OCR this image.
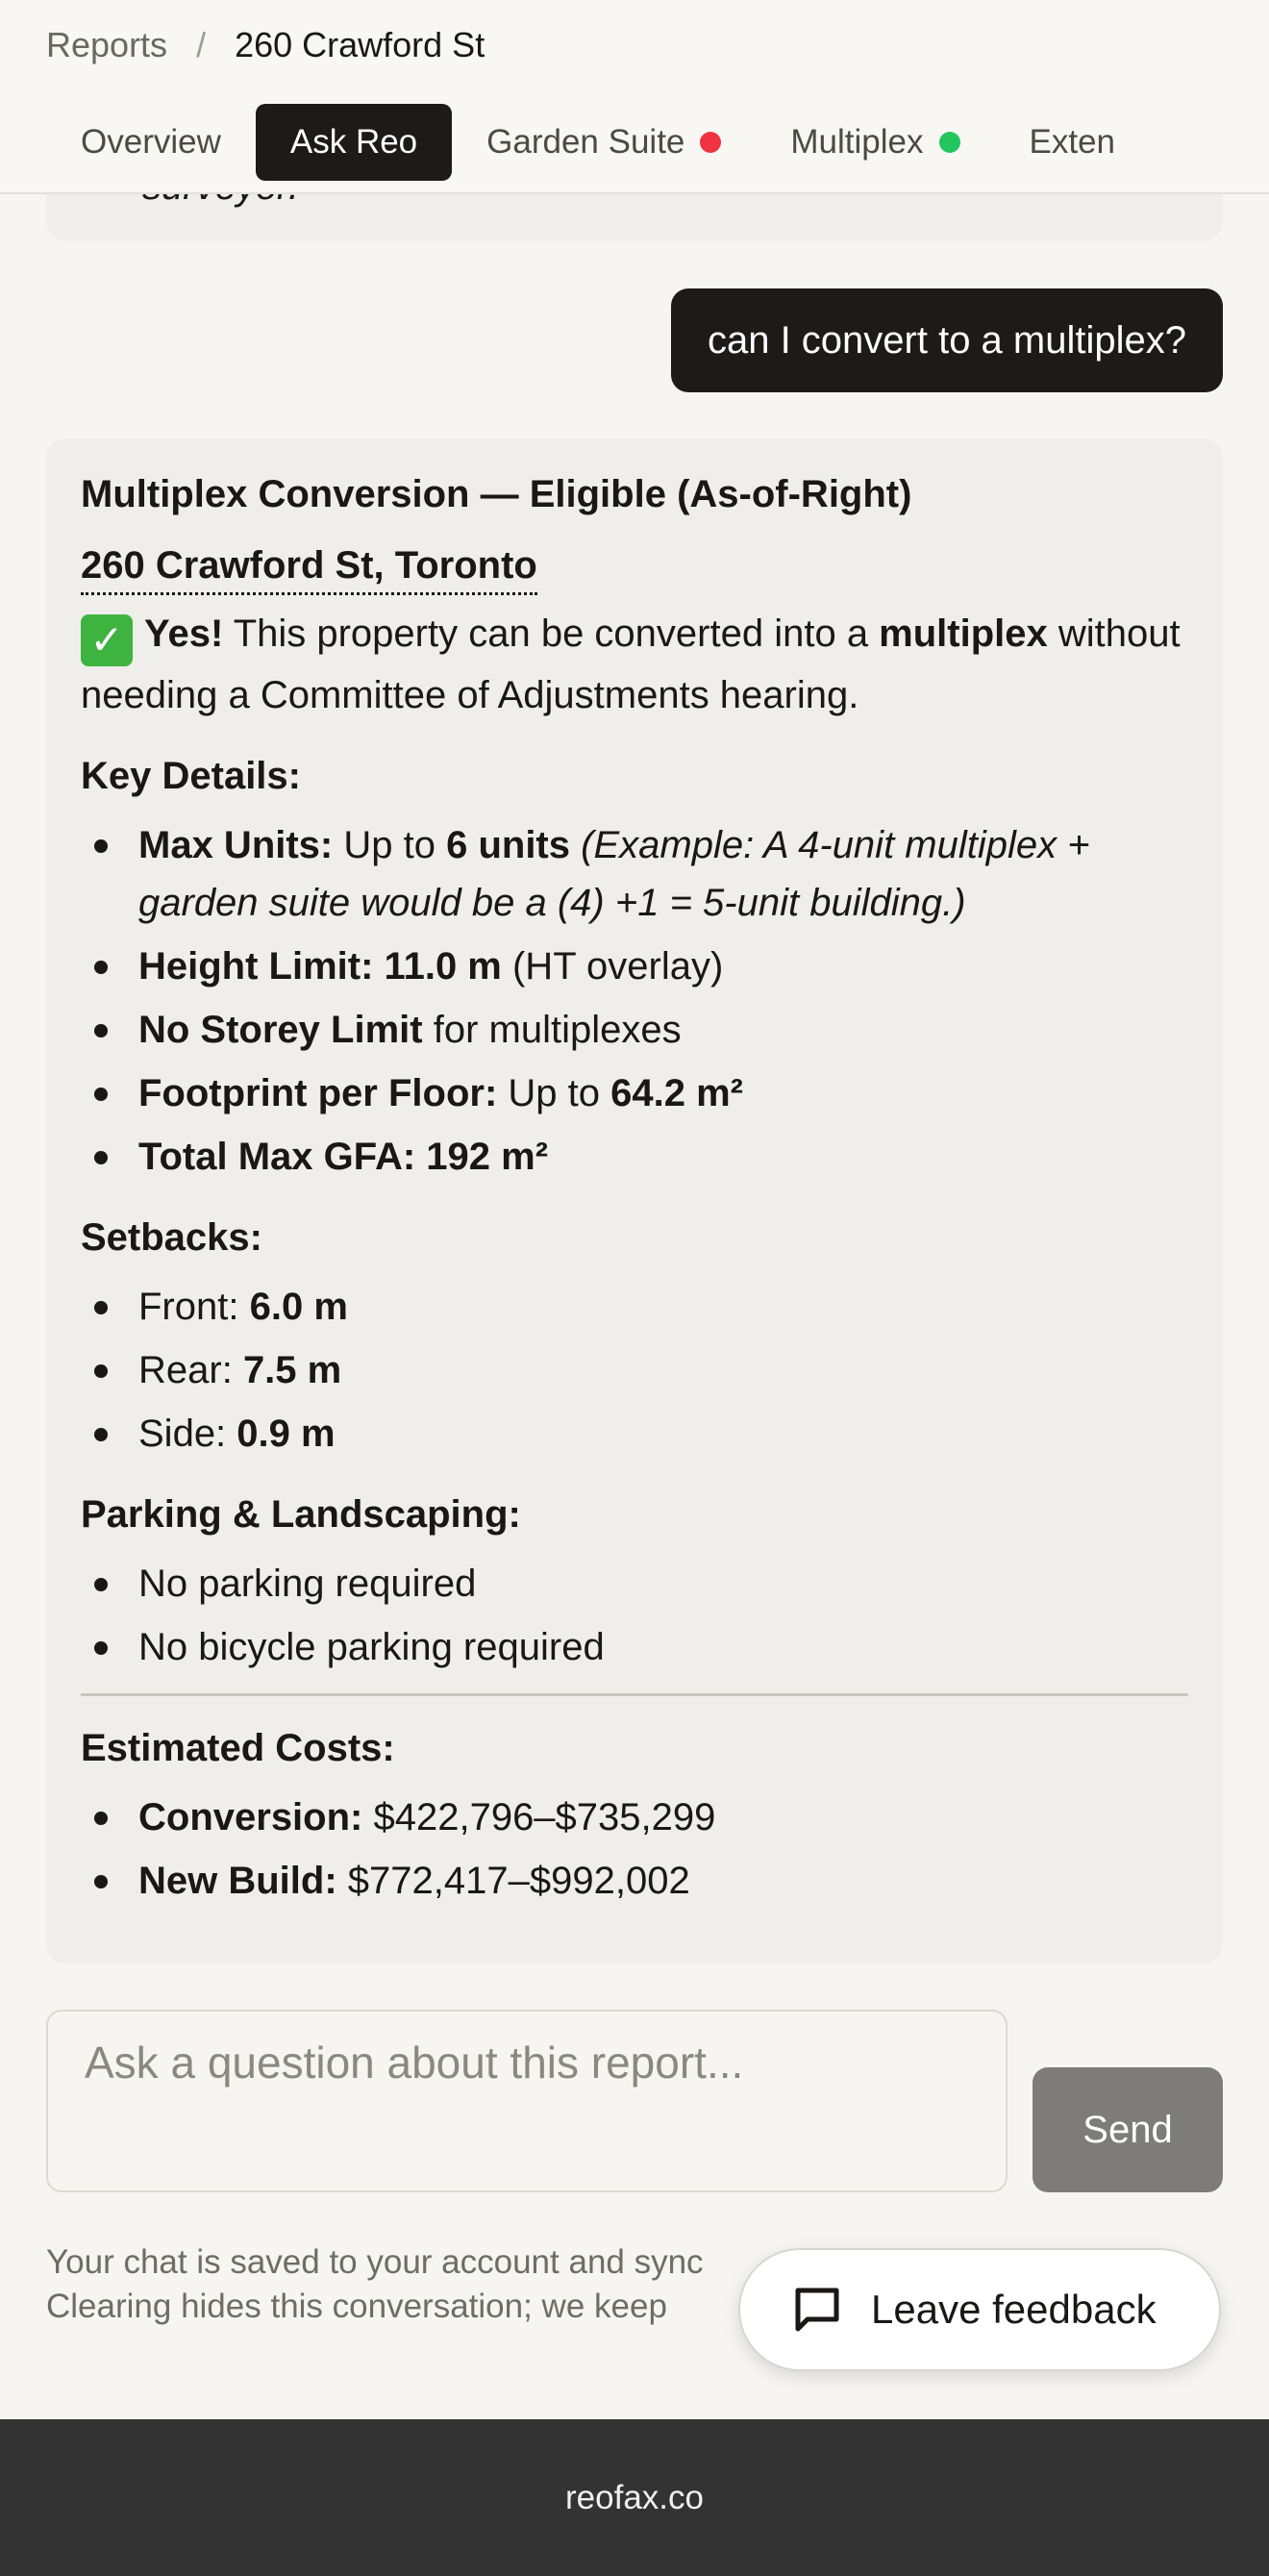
Reports / 260 Crawford St
Overview Ask Reo Garden Suite	Multiplex	Exten
can I convert to a multiplex?
Multiplex Conversion — Eligible (As-of-Right)
260 Crawford St, Toronto
✓ Yes! This property can be converted into a multiplex without needing a Committee of Adjustments hearing.
Key Details:
Max Units: Up to 6 units (Example: A 4-unit multiplex + garden suite would be a (4) +1 = 5-unit building.)
Height Limit: 11.0 m (HT overlay)
No Storey Limit for multiplexes
Footprint per Floor: Up to 64.2 m²
Total Max GFA: 192 m²
Setbacks:
Front: 6.0 m
Rear: 7.5 m
Side: 0.9 m
Parking & Landscaping:
No parking required
No bicycle parking required
Estimated Costs:
Conversion: $422,796–$735,299
New Build: $772,417–$992,002
Ask a question about this report...
Send
Your chat is saved to your account and sync
Clearing hides this conversation; we keep	Leave feedback
reofax.co
